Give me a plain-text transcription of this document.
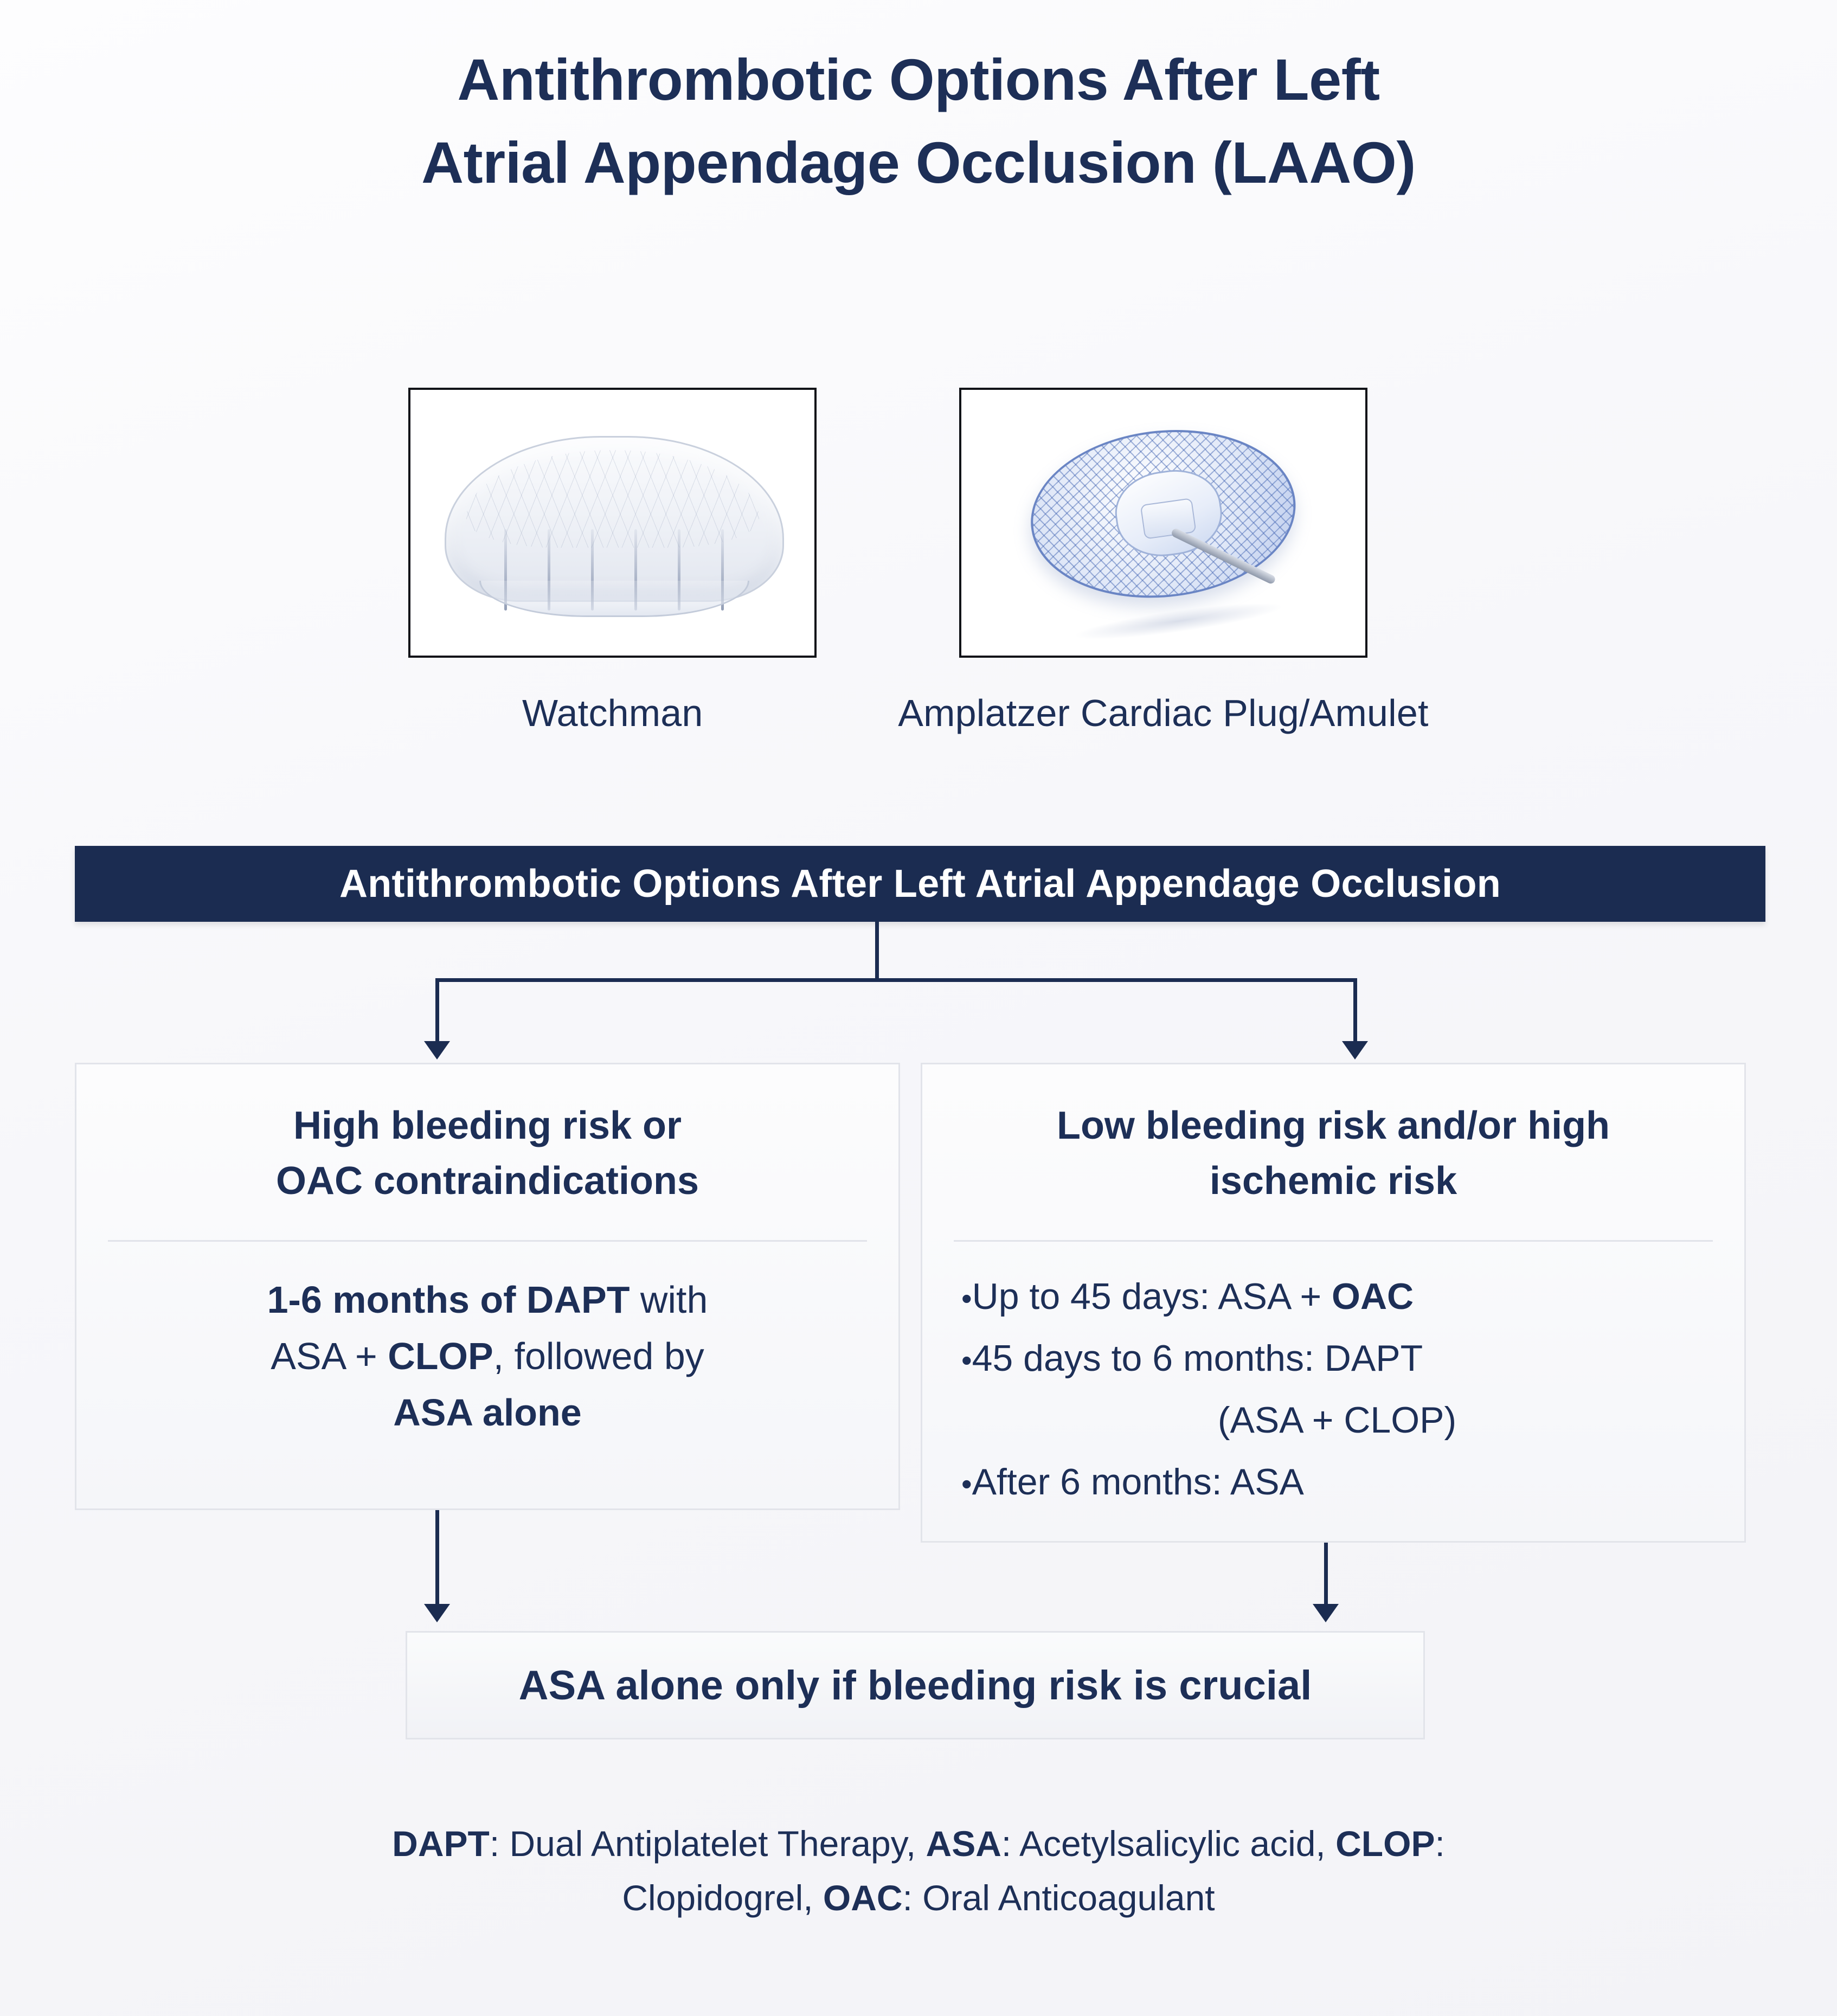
Antithrombotic Options After Left
Atrial Appendage Occlusion (LAAO)
Watchman	Amplatzer Cardiac Plug/Amulet
Antithrombotic Options After Left Atrial Appendage Occlusion
High bleeding risk or
OAC contraindications
1-6 months of DAPT with
ASA + CLOP, followed by
ASA alone
Low bleeding risk and/or high
ischemic risk
•Up to 45 days: ASA + OAC
•45 days to 6 months: DAPT
(ASA + CLOP)
•After 6 months: ASA
ASA alone only if bleeding risk is crucial
DAPT: Dual Antiplatelet Therapy, ASA: Acetylsalicylic acid, CLOP:
Clopidogrel, OAC: Oral Anticoagulant
